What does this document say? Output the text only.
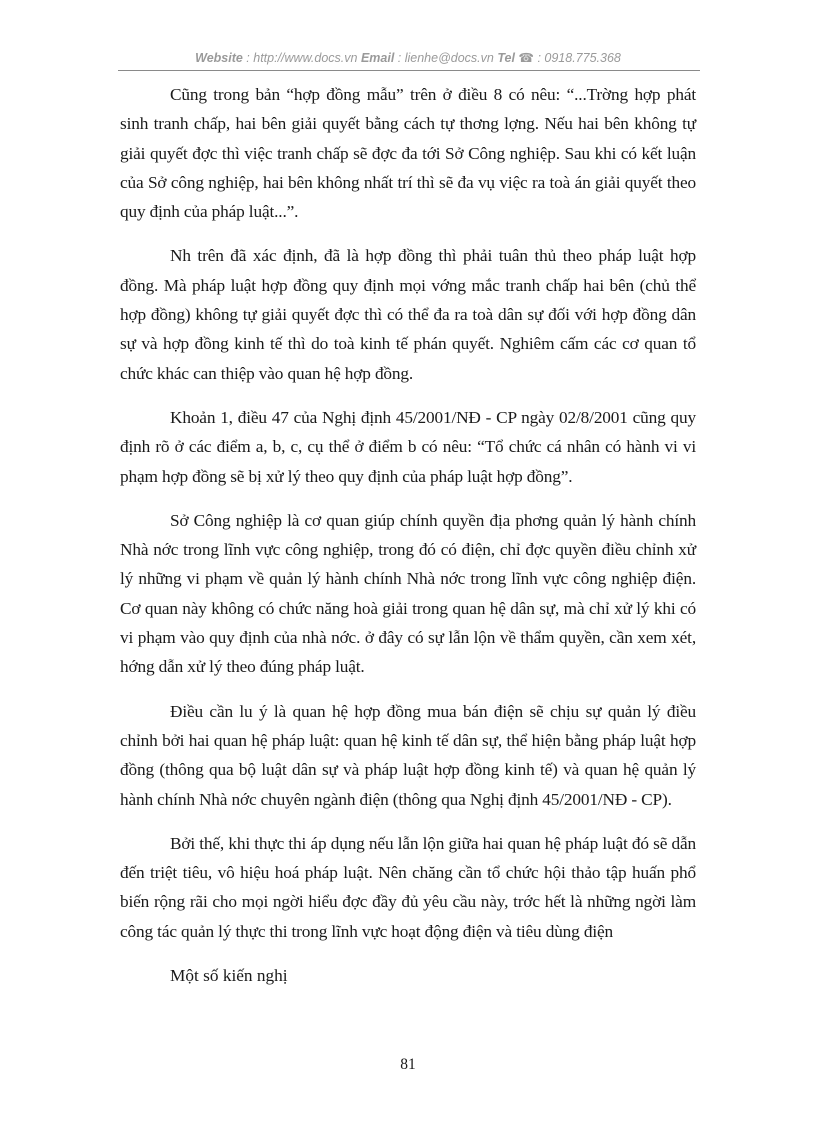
Website : http://www.docs.vn Email : lienhe@docs.vn Tel ☎ : 0918.775.368

Cũng trong bản “hợp đồng mẫu” trên ở điều 8 có nêu: “...Trờng hợp phát sinh tranh chấp, hai bên giải quyết bằng cách tự thơng lợng. Nếu hai bên không tự giải quyết đợc thì việc tranh chấp sẽ đợc đa tới Sở Công nghiệp. Sau khi có kết luận của Sở công nghiệp, hai bên không nhất trí thì sẽ đa vụ việc ra toà án giải quyết theo quy định của pháp luật...”.

Nh trên đã xác định, đã là hợp đồng thì phải tuân thủ theo pháp luật hợp đồng. Mà pháp luật hợp đồng quy định mọi vớng mắc tranh chấp hai bên (chủ thể hợp đồng) không tự giải quyết đợc thì có thể đa ra toà dân sự đối với hợp đồng dân sự và hợp đồng kinh tế thì do toà kinh tế phán quyết. Nghiêm cấm các cơ quan tổ chức khác can thiệp vào quan hệ hợp đồng.

Khoản 1, điều 47 của Nghị định 45/2001/NĐ - CP ngày 02/8/2001 cũng quy định rõ ở các điểm a, b, c, cụ thể ở điểm b có nêu: “Tổ chức cá nhân có hành vi vi phạm hợp đồng sẽ bị xử lý theo quy định của pháp luật hợp đồng”.

Sở Công nghiệp là cơ quan giúp chính quyền địa phơng quản lý hành chính Nhà nớc trong lĩnh vực công nghiệp, trong đó có điện, chỉ đợc quyền điều chỉnh xử lý những vi phạm về quản lý hành chính Nhà nớc trong lĩnh vực công nghiệp điện. Cơ quan này không có chức năng hoà giải trong quan hệ dân sự, mà chỉ xử lý khi có vi phạm vào quy định của nhà nớc. ở đây có sự lẫn lộn về thẩm quyền, cần xem xét, hớng dẫn xử lý theo đúng pháp luật.

Điều cần lu ý là quan hệ hợp đồng mua bán điện sẽ chịu sự quản lý điều chỉnh bởi hai quan hệ pháp luật: quan hệ kinh tế dân sự, thể hiện bằng pháp luật hợp đồng (thông qua bộ luật dân sự và pháp luật hợp đồng kinh tế) và quan hệ quản lý hành chính Nhà nớc chuyên ngành điện (thông qua Nghị định 45/2001/NĐ - CP).

Bởi thế, khi thực thi áp dụng nếu lẫn lộn giữa hai quan hệ pháp luật đó sẽ dẫn đến triệt tiêu, vô hiệu hoá pháp luật. Nên chăng cần tổ chức hội thảo tập huấn phổ biến rộng rãi cho mọi ngời hiểu đợc đầy đủ yêu cầu này, trớc hết là những ngời làm công tác quản lý thực thi trong lĩnh vực hoạt động điện và tiêu dùng điện

Một số kiến nghị

81
